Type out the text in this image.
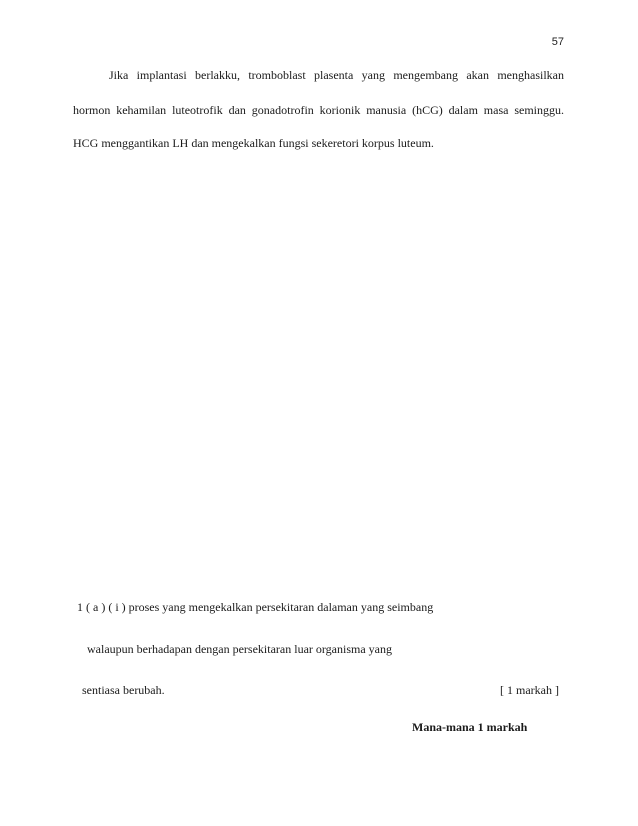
57

Jika implantasi berlakku, tromboblast plasenta yang mengembang akan menghasilkan

hormon kehamilan luteotrofik dan gonadotrofin korionik manusia (hCG) dalam masa seminggu.

HCG menggantikan LH dan mengekalkan fungsi sekeretori korpus luteum.

1 ( a ) ( i ) proses yang mengekalkan persekitaran dalaman yang seimbang
walaupun berhadapan dengan persekitaran luar organisma yang
sentiasa berubah.	[ 1 markah ]
Mana-mana 1 markah
